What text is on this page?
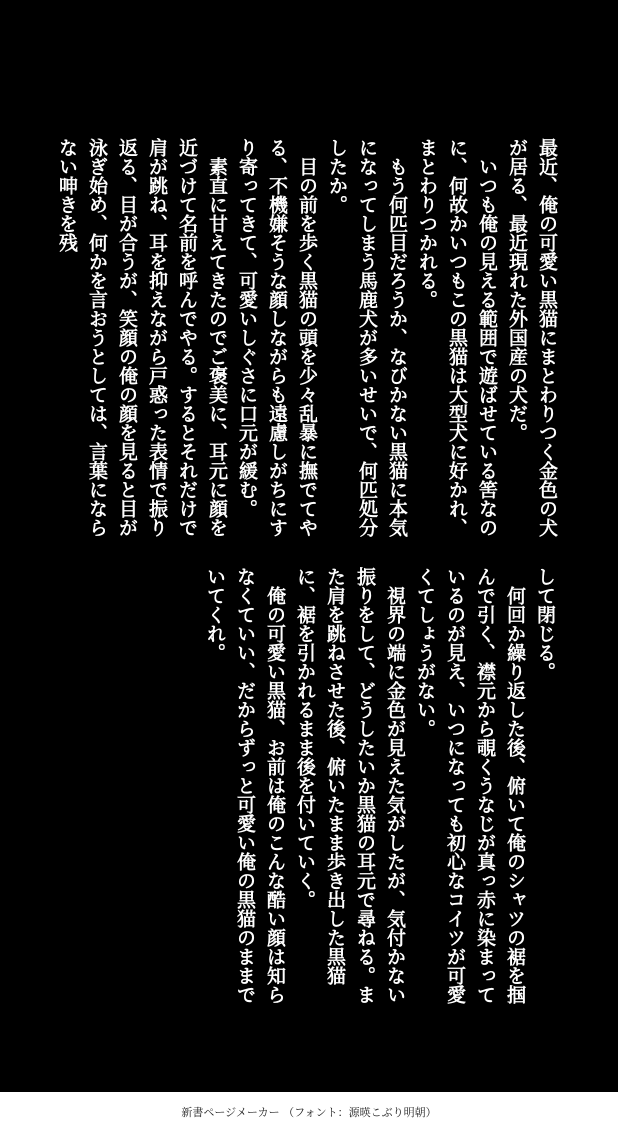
最近、俺の可愛い黒猫にまとわりつく金色の犬が居る、最近現れた外国産の犬だ。

いつも俺の見える範囲で遊ばせている筈なのに、何故かいつもこの黒猫は大型犬に好かれ、まとわりつかれる。

もう何匹目だろうか、なびかない黒猫に本気になってしまう馬鹿犬が多いせいで、何匹処分したか。

目の前を歩く黒猫の頭を少々乱暴に撫でてやる、不機嫌そうな顔しながらも遠慮しがちにすり寄ってきて、可愛いしぐさに口元が緩む。

素直に甘えてきたのでご褒美に、耳元に顔を近づけて名前を呼んでやる。するとそれだけで肩が跳ね、耳を抑えながら戸惑った表情で振り返る、目が合うが、笑顔の俺の顔を見ると目が泳ぎ始め、何かを言おうとしては、言葉にならない呻きを残

して閉じる。

何回か繰り返した後、俯いて俺のシャツの裾を掴んで引く、襟元から覗くうなじが真っ赤に染まっているのが見え、いつになっても初心なコイツが可愛くてしょうがない。

視界の端に金色が見えた気がしたが、気付かない振りをして、どうしたいか黒猫の耳元で尋ねる。また肩を跳ねさせた後、俯いたまま歩き出した黒猫に、裾を引かれるまま後を付いていく。

俺の可愛い黒猫、お前は俺のこんな酷い顔は知らなくていい、だからずっと可愛い俺の黒猫のままでいてくれ。

新書ページメーカー （フォント：源暎こぶり明朝）
